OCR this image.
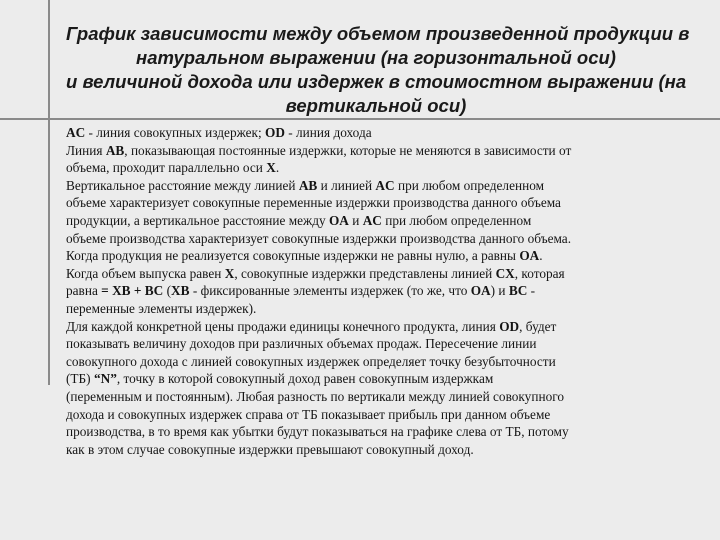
График зависимости между объемом произведенной продукции в
натуральном выражении (на горизонтальной оси)
и величиной дохода или издержек в стоимостном выражении (на
вертикальной оси)
AC - линия совокупных издержек; OD - линия дохода
Линия AB, показывающая постоянные издержки, которые не меняются в зависимости от
объема, проходит параллельно оси X.
Вертикальное расстояние между линией AB и линией AC при любом определенном
объеме характеризует совокупные переменные издержки производства данного объема
продукции, а вертикальное расстояние между OA и AC при любом определенном
объеме производства характеризует совокупные издержки производства данного объема.
Когда продукция не реализуется совокупные издержки не равны нулю, а равны OA.
Когда объем выпуска равен X, совокупные издержки представлены линией CX, которая
равна = XB + BC (XB - фиксированные элементы издержек (то же, что OA) и BC -
переменные элементы издержек).
Для каждой конкретной цены продажи единицы конечного продукта, линия OD, будет
показывать величину доходов при различных объемах продаж. Пересечение линии
совокупного дохода с линией совокупных издержек определяет точку безубыточности
(ТБ) “N”, точку в которой совокупный доход равен совокупным издержкам
(переменным и постоянным). Любая разность по вертикали между линией совокупного
дохода и совокупных издержек справа от ТБ показывает прибыль при данном объеме
производства, в то время как убытки будут показываться на графике слева от ТБ, потому
как в этом случае совокупные издержки превышают совокупный доход.
